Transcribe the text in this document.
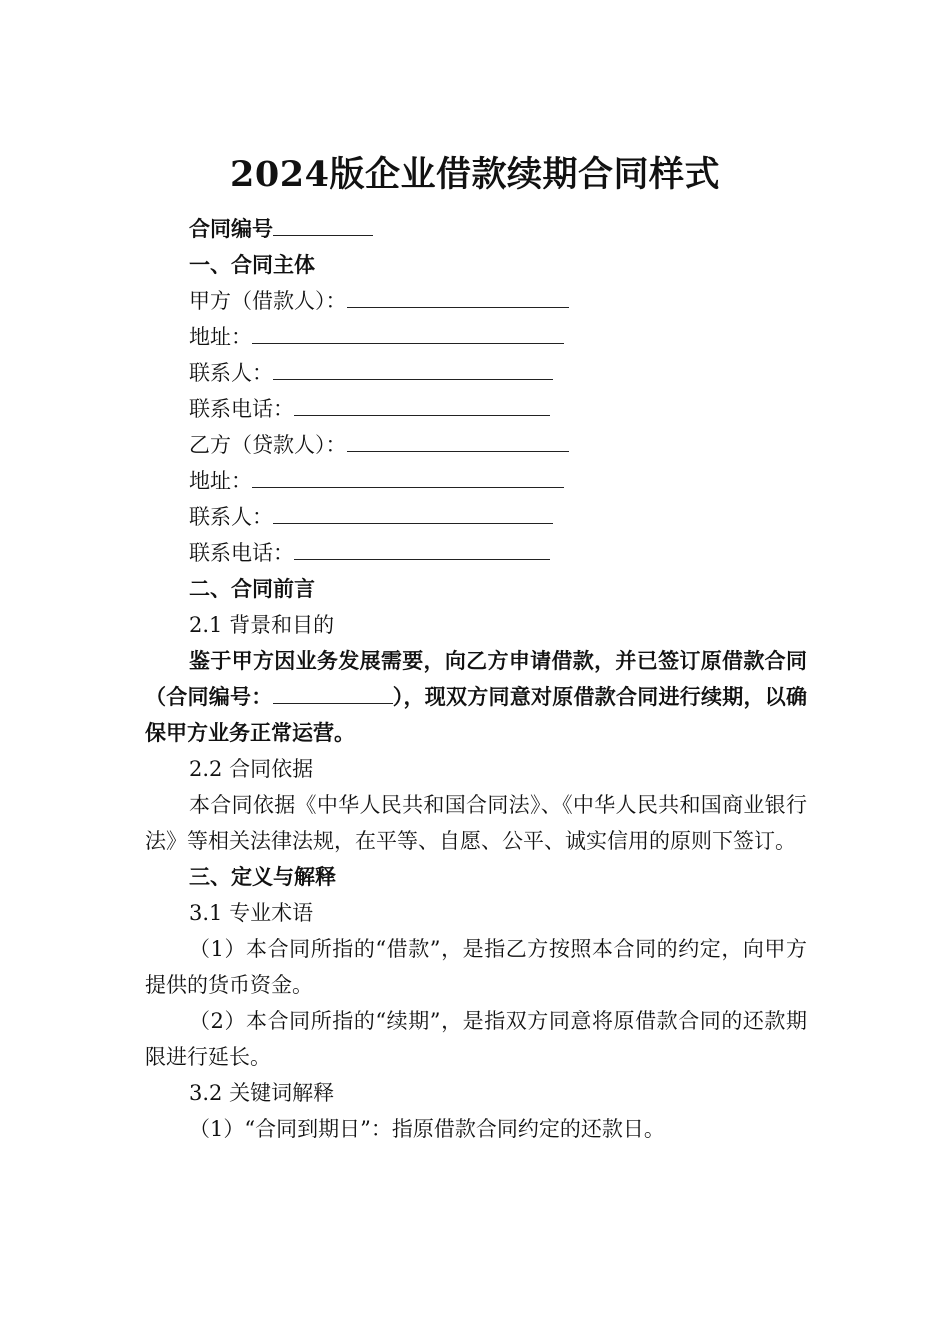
2024版企业借款续期合同样式

合同编号

一、合同主体

甲方（借款人）：

地址：

联系人：

联系电话：

乙方（贷款人）：

地址：

联系人：

联系电话：

二、合同前言

2.1 背景和目的

鉴于甲方因业务发展需要，向乙方申请借款，并已签订原借款合同（合同编号：	），现双方同意对原借款合同进行续期，以确保甲方业务正常运营。

2.2 合同依据

本合同依据《中华人民共和国合同法》、《中华人民共和国商业银行法》等相关法律法规，在平等、自愿、公平、诚实信用的原则下签订。

三、定义与解释

3.1 专业术语

（1）本合同所指的“借款”，是指乙方按照本合同的约定，向甲方提供的货币资金。

（2）本合同所指的“续期”，是指双方同意将原借款合同的还款期限进行延长。

3.2 关键词解释

（1）“合同到期日”：指原借款合同约定的还款日。
